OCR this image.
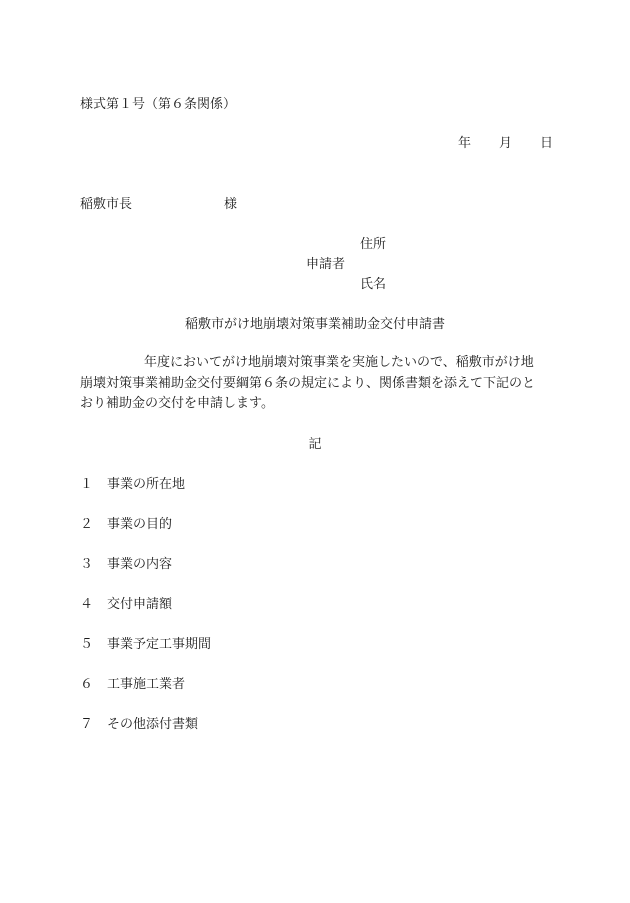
様式第１号（第６条関係）
年 月 日
稲敷市長	様
住所
申請者
氏名
稲敷市がけ地崩壊対策事業補助金交付申請書
年度においてがけ地崩壊対策事業を実施したいので、稲敷市がけ地
崩壊対策事業補助金交付要綱第６条の規定により、関係書類を添えて下記のと
おり補助金の交付を申請します。
記
１ 事業の所在地
２ 事業の目的
３ 事業の内容
４ 交付申請額
５ 事業予定工事期間
６ 工事施工業者
７ その他添付書類
